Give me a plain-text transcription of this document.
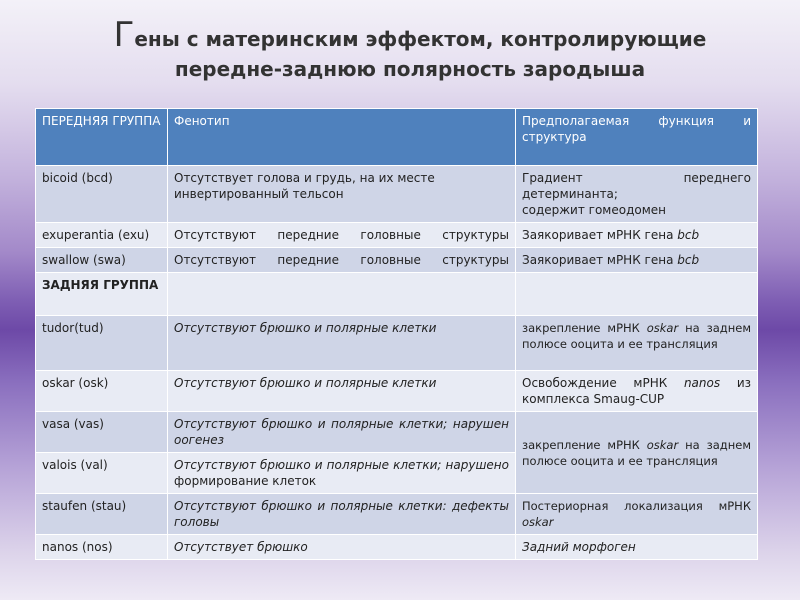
Гены с материнским эффектом, контролирующие
передне-заднюю полярность зародыша
ПЕРЕДНЯЯ ГРУППА	Фенотип	Предполагаемая функция и
структура

bicoid (bcd)	Отсутствует голова и грудь, на их месте инвертированный тельсон	Градиент переднего детерминанта;
содержит гомеодомен

exuperantia (exu)	Отсутствуют передние головные структуры	Заякоривает мРНК гена bcb
swallow (swa)	Отсутствуют передние головные структуры	Заякоривает мРНК гена bcb
ЗАДНЯЯ ГРУППА		
tudor(tud)	Отсутствуют брюшко и полярные клетки	закрепление мРНК oskar на заднем полюсе ооцита и ее трансляция
oskar (osk)	Отсутствуют брюшко и полярные клетки	Освобождение мРНК nanos из комплекса Smaug-CUP
vasa (vas)	Отсутствуют брюшко и полярные клетки; нарушен оогенез	закрепление мРНК oskar на заднем полюсе ооцита и ее трансляция
valois (val)	Отсутствуют брюшко и полярные клетки; нарушено формирование клеток	
staufen (stau)	Отсутствуют брюшко и полярные клетки: дефекты головы	Постериорная локализация мРНК oskar
nanos (nos)	Отсутствует брюшко	Задний морфоген
